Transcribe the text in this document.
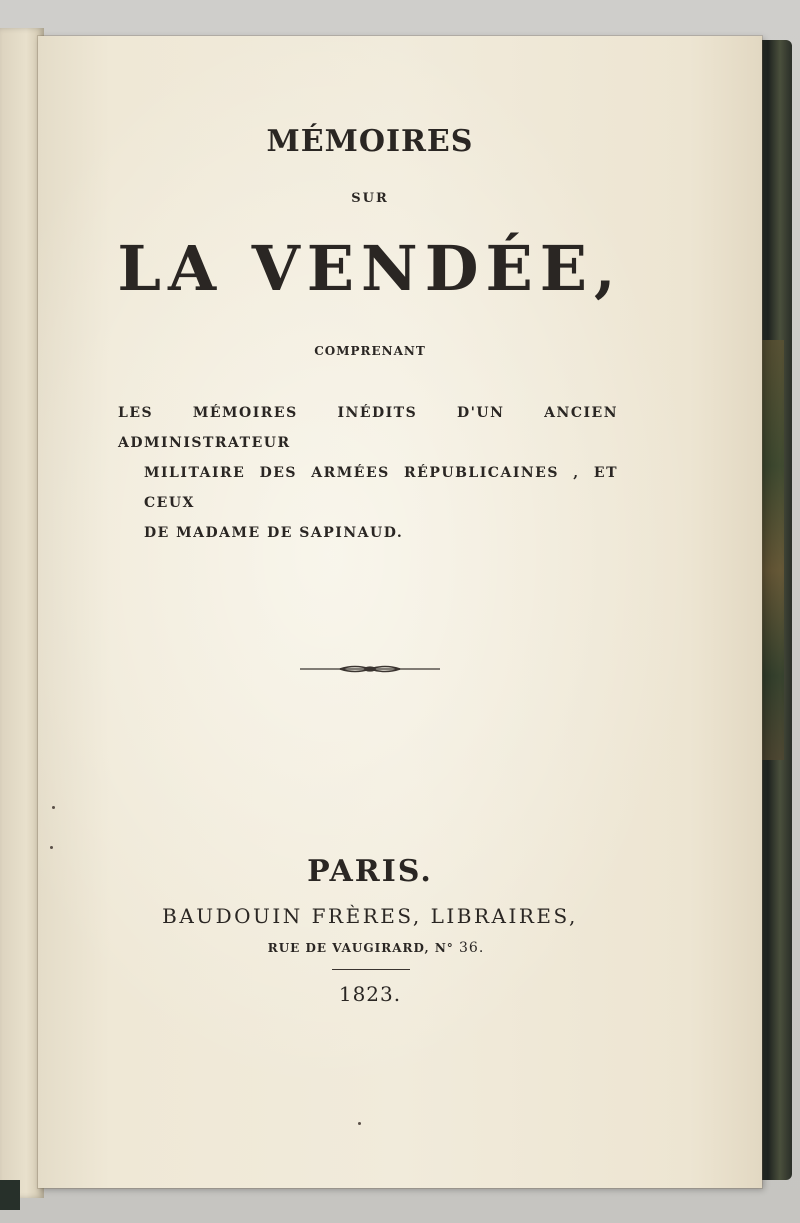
MÉMOIRES
SUR
LA VENDÉE,
COMPRENANT
LES MÉMOIRES INÉDITS D'UN ANCIEN ADMINISTRATEUR
MILITAIRE DES ARMÉES RÉPUBLICAINES , ET CEUX
DE MADAME DE SAPINAUD.
PARIS.
BAUDOUIN FRÈRES, LIBRAIRES,
RUE DE VAUGIRARD, N° 36.
1823.
